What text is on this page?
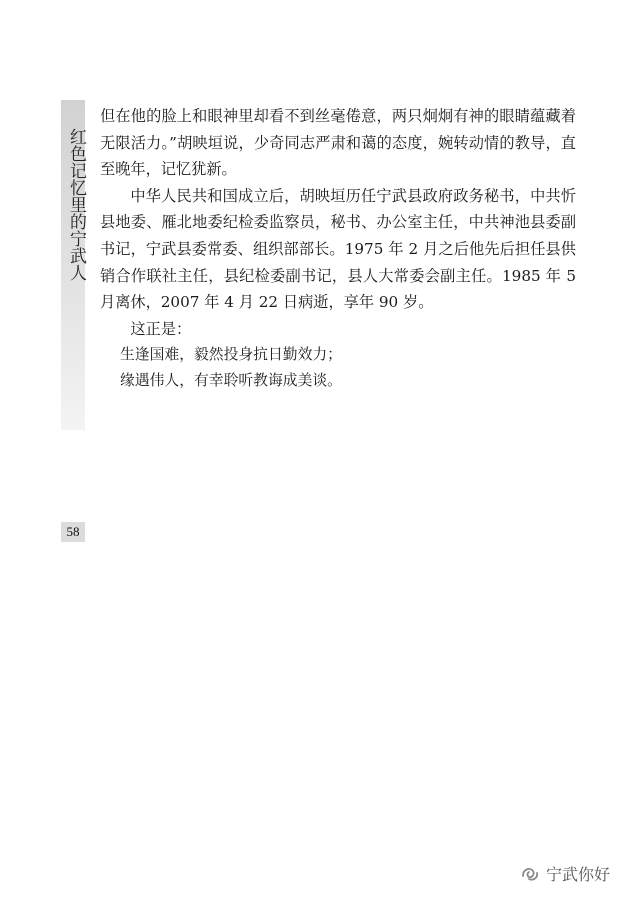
红色记忆里的宁武人
58

但在他的脸上和眼神里却看不到丝毫倦意，两只炯炯有神的眼睛蕴藏着无限活力。”胡映垣说，少奇同志严肃和蔼的态度，婉转动情的教导，直至晚年，记忆犹新。

中华人民共和国成立后，胡映垣历任宁武县政府政务秘书，中共忻县地委、雁北地委纪检委监察员，秘书、办公室主任，中共神池县委副书记，宁武县委常委、组织部部长。1975 年 2 月之后他先后担任县供销合作联社主任，县纪检委副书记，县人大常委会副主任。1985 年 5 月离休，2007 年 4 月 22 日病逝，享年 90 岁。

这正是：

生逢国难，毅然投身抗日勤效力；

缘遇伟人，有幸聆听教诲成美谈。

宁武你好
